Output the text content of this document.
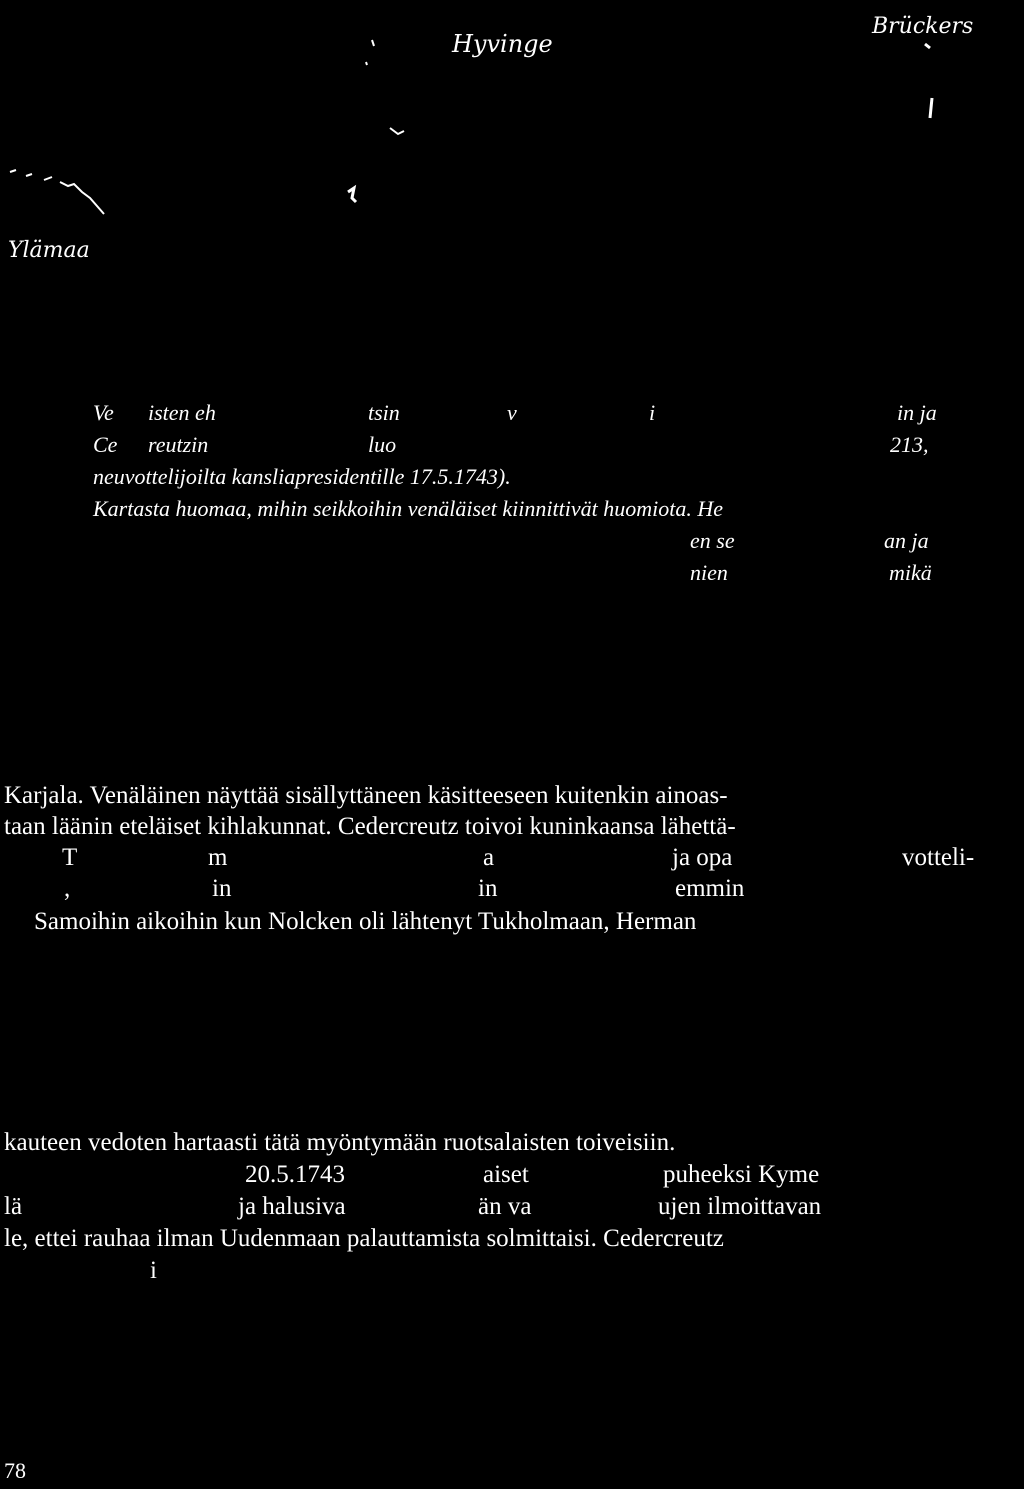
Hyvinge
Brückers
Ylämaa
Ve isten eh	tsin	v	i	in ja
Ce reutzin	luo	213,
neuvottelijoilta kansliapresidentille 17.5.1743).
Kartasta huomaa, mihin seikkoihin venäläiset kiinnittivät huomiota. He
en se	an ja
nien	mikä
Karjala. Venäläinen näyttää sisällyttäneen käsitteeseen kuitenkin ainoas-
taan läänin eteläiset kihlakunnat. Cedercreutz toivoi kuninkaansa lähettä-
T	m	a	ja opa	votteli-
,	in	in	emmin
Samoihin aikoihin kun Nolcken oli lähtenyt Tukholmaan, Herman
kauteen vedoten hartaasti tätä myöntymään ruotsalaisten toiveisiin.
20.5.1743	aiset	puheeksi Kyme
lä	ja halusiva	än va	ujen ilmoittavan
le, ettei rauhaa ilman Uudenmaan palauttamista solmittaisi. Cedercreutz
i
78
